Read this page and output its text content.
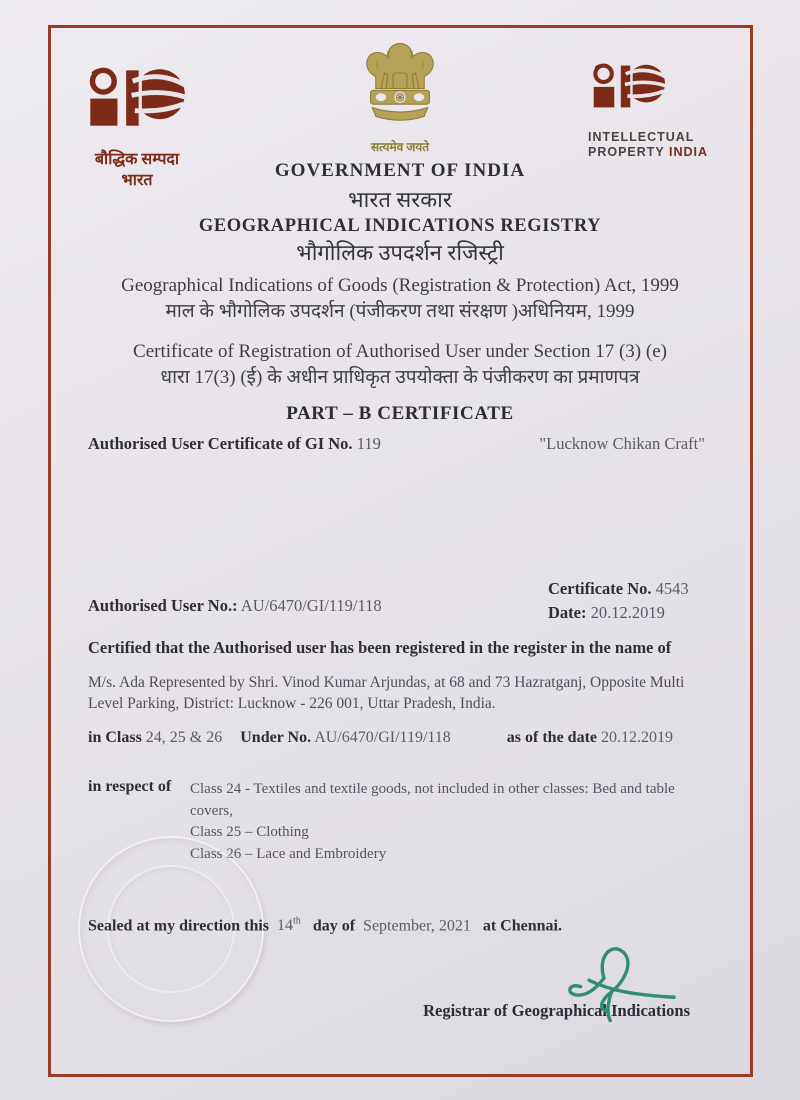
बौद्धिक सम्पदा
भारत
सत्यमेव जयते
INTELLECTUAL
PROPERTY INDIA
GOVERNMENT OF INDIA
भारत सरकार
GEOGRAPHICAL INDICATIONS REGISTRY
भौगोलिक उपदर्शन रजिस्ट्री
Geographical Indications of Goods (Registration & Protection) Act, 1999
माल के भौगोलिक उपदर्शन (पंजीकरण तथा संरक्षण )अधिनियम, 1999
Certificate of Registration of Authorised User under Section 17 (3) (e)
धारा 17(3) (ई) के अधीन प्राधिकृत उपयोक्ता के पंजीकरण का प्रमाणपत्र
PART – B CERTIFICATE
Authorised User Certificate of GI No. 119	"Lucknow Chikan Craft"
Certificate No. 4543
Date: 20.12.2019
Authorised User No.: AU/6470/GI/119/118
Certified that the Authorised user has been registered in the register in the name of
M/s. Ada Represented by Shri. Vinod Kumar Arjundas, at 68 and 73 Hazratganj, Opposite Multi Level Parking, District: Lucknow - 226 001, Uttar Pradesh, India.
in Class 24, 25 & 26 Under No. AU/6470/GI/119/118	as of the date 20.12.2019
in respect of Class 24 - Textiles and textile goods, not included in other classes: Bed and table covers,
Class 25 – Clothing
Class 26 – Lace and Embroidery
Sealed at my direction this 14th day of September, 2021 at Chennai.
Registrar of Geographical Indications
